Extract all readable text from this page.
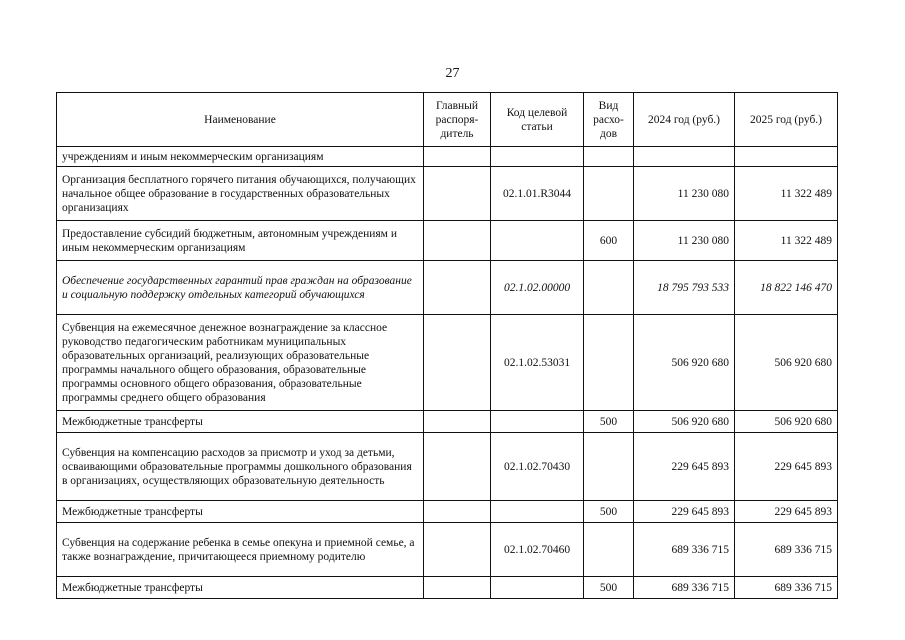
27
Наименование	Главный распоря-дитель	Код целевой статьи	Вид расхо-дов	2024 год (руб.)	2025 год (руб.)
учреждениям и иным некоммерческим организациям					
Организация бесплатного горячего питания обучающихся, получающих начальное общее образование в государственных образовательных организациях		02.1.01.R3044		11 230 080	11 322 489
Предоставление субсидий бюджетным, автономным учреждениям и иным некоммерческим организациям			600	11 230 080	11 322 489
Обеспечение государственных гарантий прав граждан на образование и социальную поддержку отдельных категорий обучающихся		02.1.02.00000		18 795 793 533	18 822 146 470
Субвенция на ежемесячное денежное вознаграждение за классное руководство педагогическим работникам муниципальных образовательных организаций, реализующих образовательные программы начального общего образования, образовательные программы основного общего образования, образовательные программы среднего общего образования		02.1.02.53031		506 920 680	506 920 680
Межбюджетные трансферты			500	506 920 680	506 920 680
Субвенция на компенсацию расходов за присмотр и уход за детьми, осваивающими образовательные программы дошкольного образования в организациях, осуществляющих образовательную деятельность		02.1.02.70430		229 645 893	229 645 893
Межбюджетные трансферты			500	229 645 893	229 645 893
Субвенция на содержание ребенка в семье опекуна и приемной семье, а также вознаграждение, причитающееся приемному родителю		02.1.02.70460		689 336 715	689 336 715
Межбюджетные трансферты			500	689 336 715	689 336 715
